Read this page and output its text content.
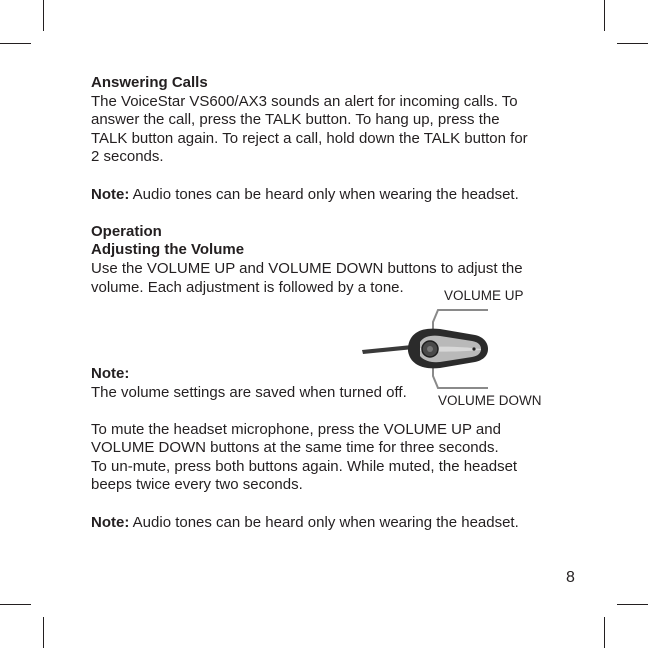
Answering Calls

The VoiceStar VS600/AX3 sounds an alert for incoming calls. To

answer the call, press the TALK button. To hang up, press the

TALK button again. To reject a call, hold down the TALK button for

2 seconds.

Note: Audio tones can be heard only when wearing the headset.

Operation

Adjusting the Volume

Use the VOLUME UP and VOLUME DOWN buttons to adjust the

volume. Each adjustment is followed by a tone.

Note:

The volume settings are saved when turned off.

To mute the headset microphone, press the VOLUME UP and

VOLUME DOWN buttons at the same time for three seconds.

To un-mute, press both buttons again. While muted, the headset

beeps twice every two seconds.

Note: Audio tones can be heard only when wearing the headset.

VOLUME UP
VOLUME DOWN
8
